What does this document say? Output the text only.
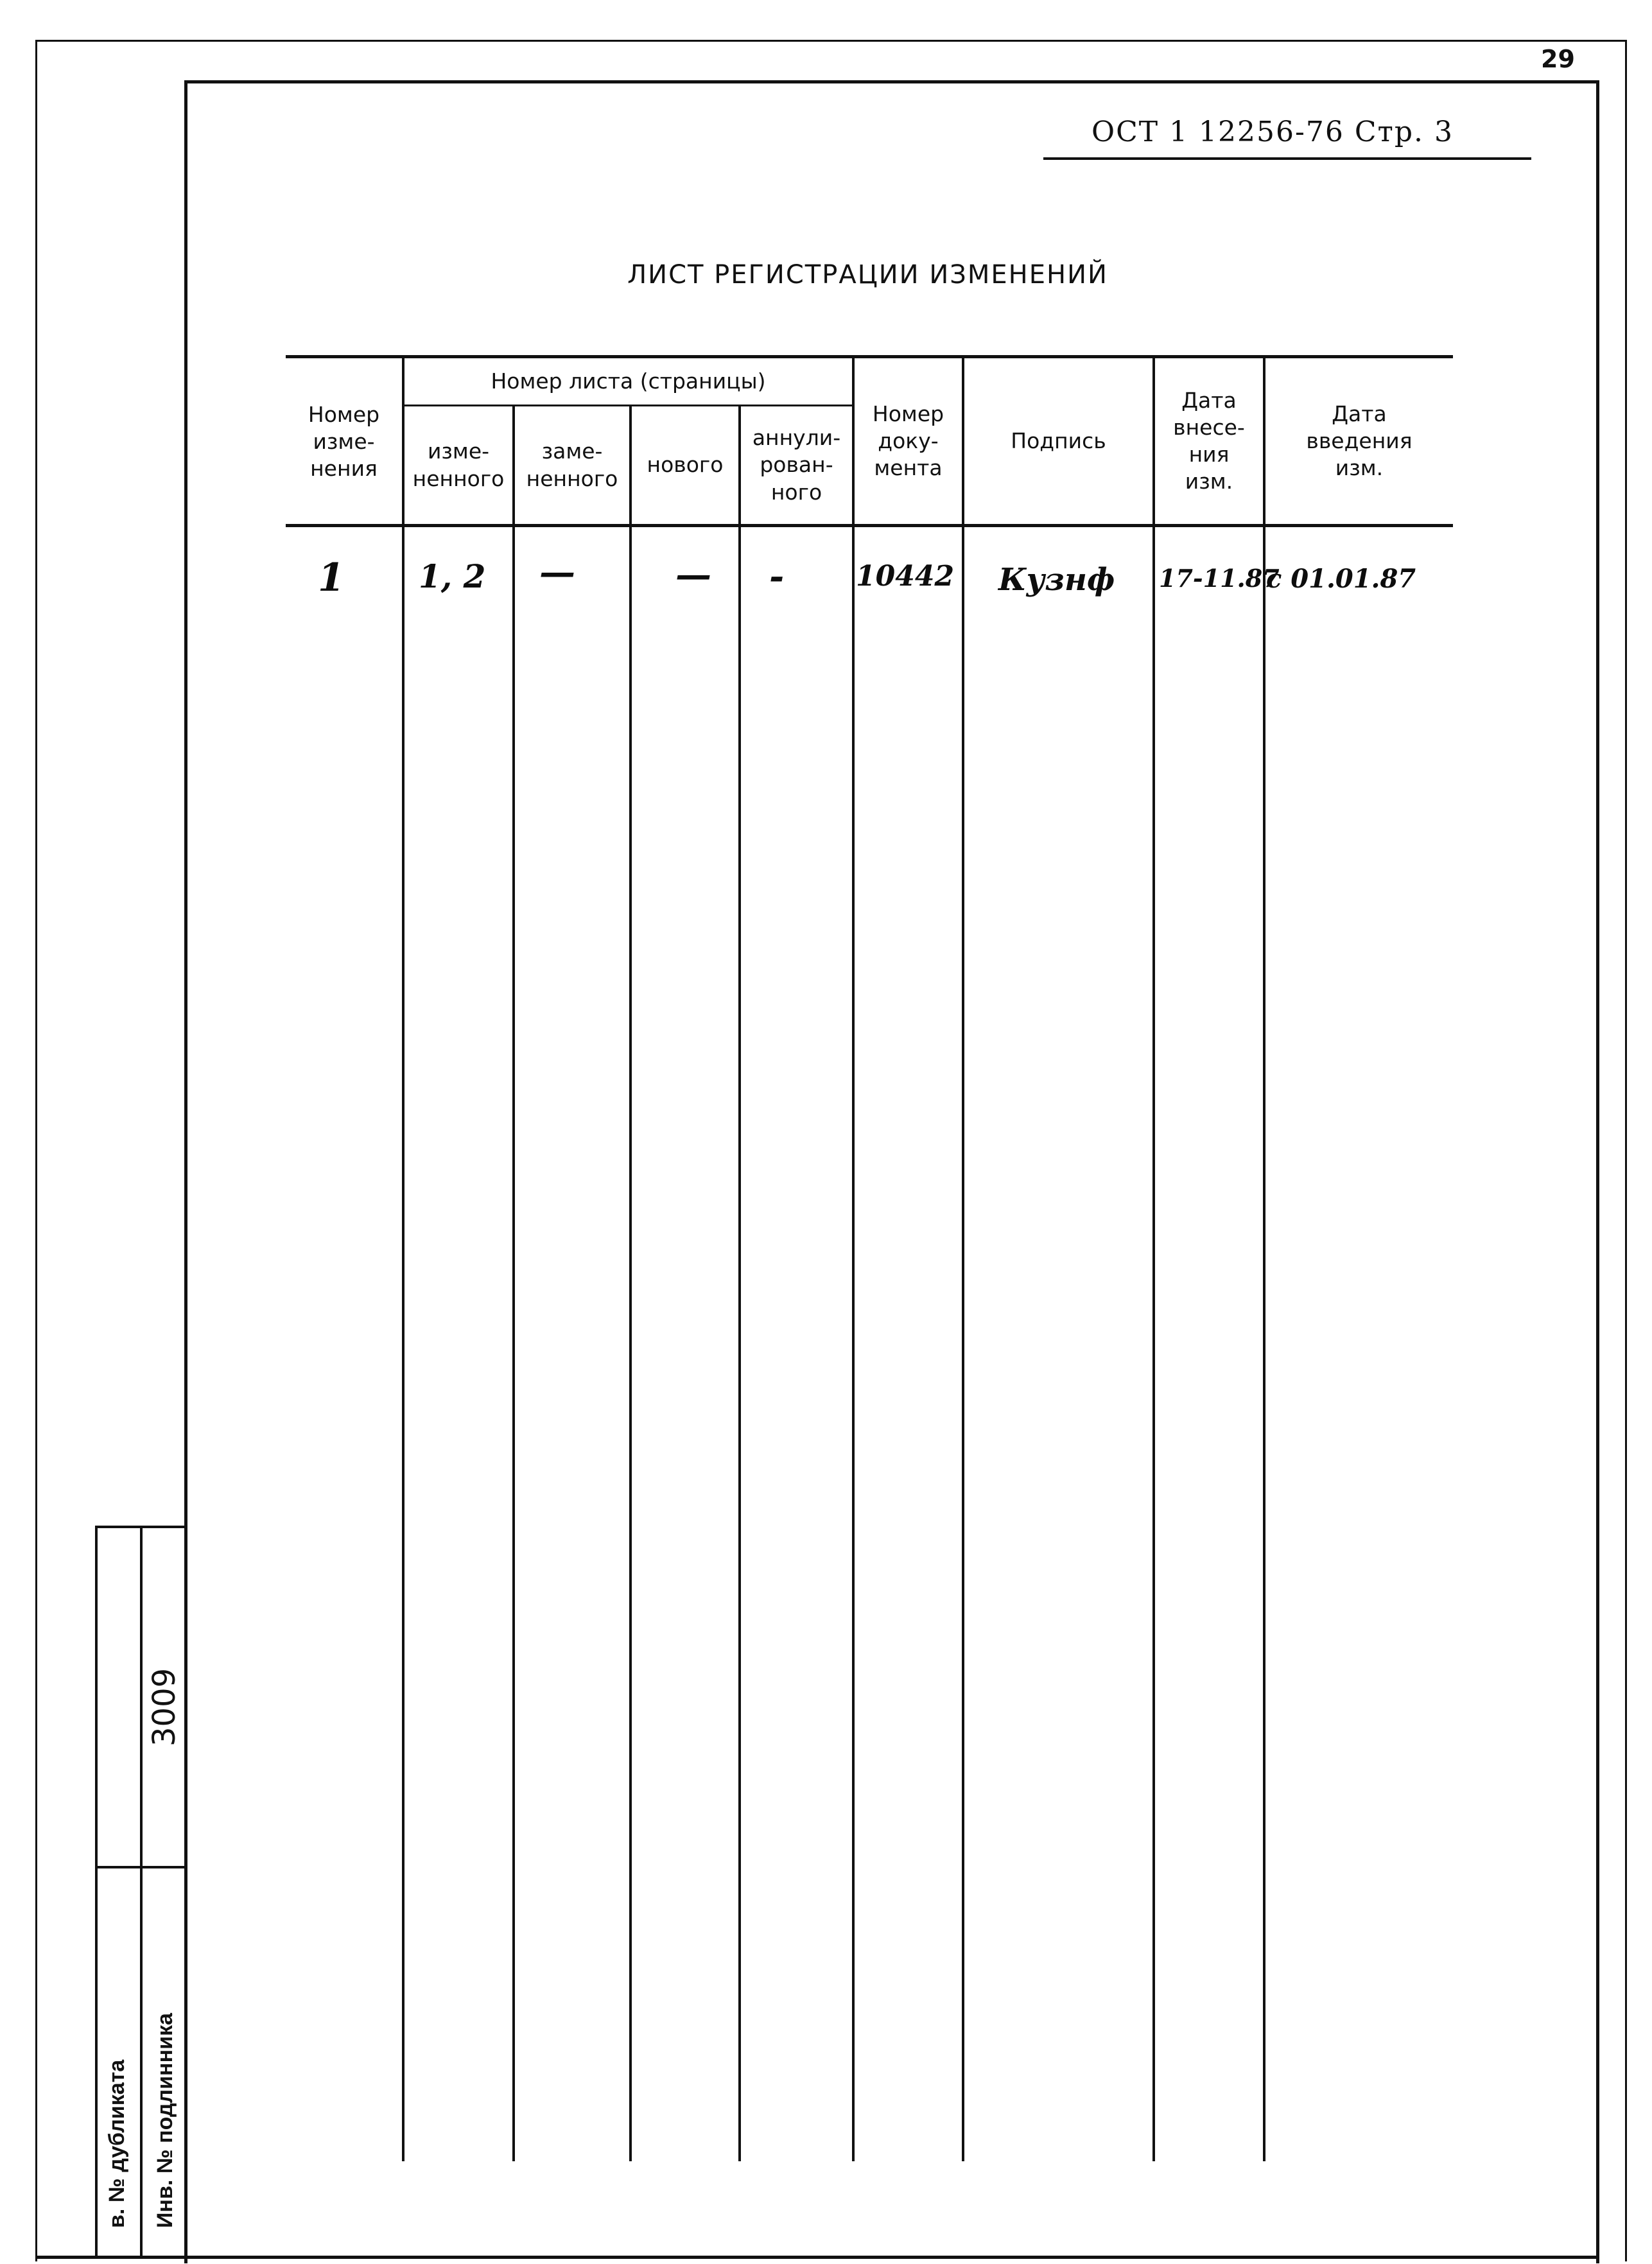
29
ОСТ 1 12256-76 Стр. 3
ЛИСТ РЕГИСТРАЦИИ ИЗМЕНЕНИЙ
Номер
изме-
нения
Номер листа (страницы)
изме-
ненного
заме-
ненного
нового
аннули-
рован-
ного
Номер
доку-
мента
Подпись
Дата
внесе-
ния
изм.
Дата
введения
изм.
1 1, 2 —	— -	10442 Кузнф 17-11.87
с 01.01.87
в. № дубликата Инв. № подлинника
3009
